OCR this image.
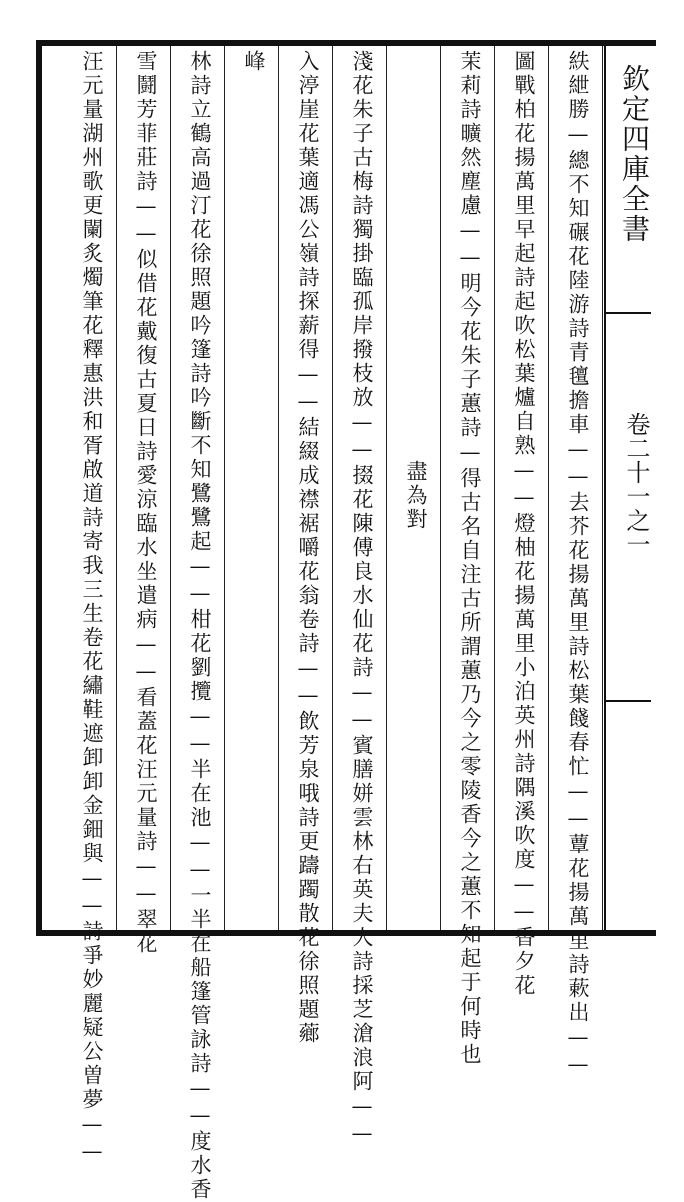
欽定四庫全書
卷二十一之一
紩紲勝—總不知碾花陸游詩青氊擔車——去芥花揚萬里詩松葉餞春忙——蕈花揚萬里詩蔌出——
圖戰柏花揚萬里早起詩起吹松葉爐自熟——燈柚花揚萬里小泊英州詩隅溪吹度——香夕花
茉莉詩曠然塵慮——明今花朱子蕙詩—得古名自注古所謂蕙乃今之零陵香今之蕙不知起于何時也
盡為對
淺花朱子古梅詩獨掛臨孤岸撥枝放——掇花陳傅良水仙花詩——賓膳姘雲林右英夫人詩採芝滄浪阿——
入渟崖花葉適馮公嶺詩探薪得——結綴成襟裾嚼花翁卷詩——飲芳泉哦詩更躊躅散花徐照題薌
峰
林詩立鶴高過汀花徐照題吟篷詩吟斷不知鷺鷺起——柑花劉攬——半在池——一半在船篷管詠詩——度水香
雪鬪芳菲莊詩——似借花戴復古夏日詩愛涼臨水坐遣病——看蓋花汪元量詩——翠花
汪元量湖州歌更闌炙燭筆花釋惠洪和胥啟道詩寄我三生卷花繡鞋遮卸卸金鈿與——詩爭妙麗疑公曽夢——
